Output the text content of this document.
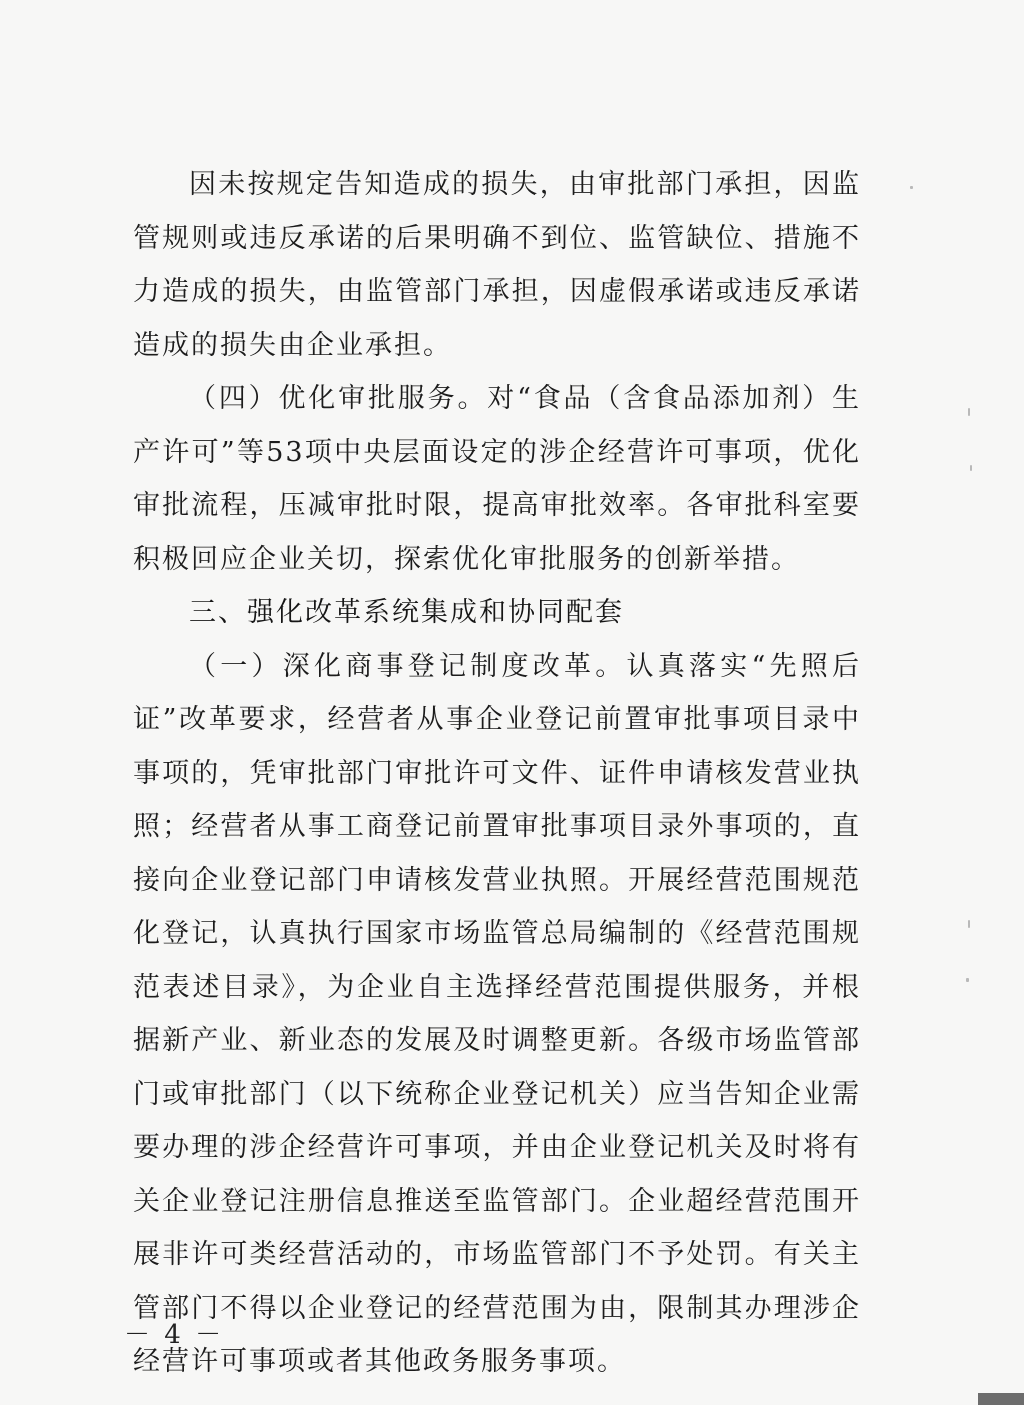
因未按规定告知造成的损失，由审批部门承担，因监管规则或违反承诺的后果明确不到位、监管缺位、措施不力造成的损失，由监管部门承担，因虚假承诺或违反承诺造成的损失由企业承担。

（四）优化审批服务。对“食品（含食品添加剂）生产许可”等53项中央层面设定的涉企经营许可事项，优化审批流程，压减审批时限，提高审批效率。各审批科室要积极回应企业关切，探索优化审批服务的创新举措。

三、强化改革系统集成和协同配套

（一）深化商事登记制度改革。认真落实“先照后证”改革要求，经营者从事企业登记前置审批事项目录中事项的，凭审批部门审批许可文件、证件申请核发营业执照；经营者从事工商登记前置审批事项目录外事项的，直接向企业登记部门申请核发营业执照。开展经营范围规范化登记，认真执行国家市场监管总局编制的《经营范围规范表述目录》，为企业自主选择经营范围提供服务，并根据新产业、新业态的发展及时调整更新。各级市场监管部门或审批部门（以下统称企业登记机关）应当告知企业需要办理的涉企经营许可事项，并由企业登记机关及时将有关企业登记注册信息推送至监管部门。企业超经营范围开展非许可类经营活动的，市场监管部门不予处罚。有关主管部门不得以企业登记的经营范围为由，限制其办理涉企经营许可事项或者其他政务服务事项。

－ 4 －
